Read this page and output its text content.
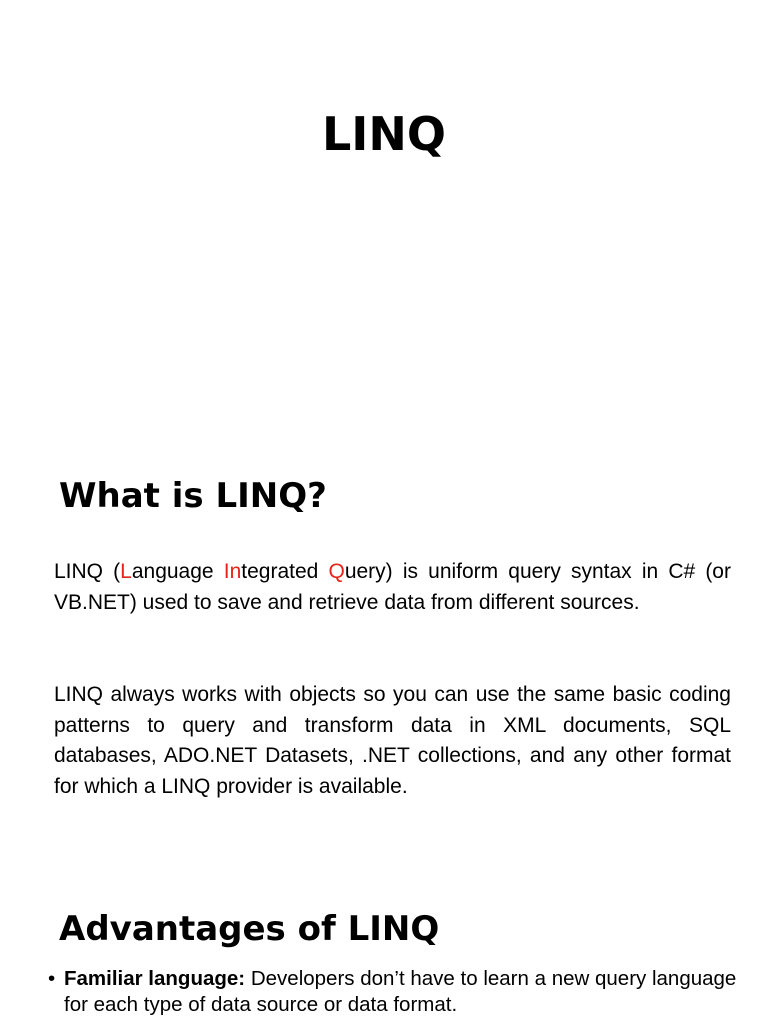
LINQ
What is LINQ?

LINQ (Language Integrated Query) is uniform query syntax in C# (or VB.NET) used to save and retrieve data from different sources.

LINQ always works with objects so you can use the same basic coding patterns to query and transform data in XML documents, SQL databases, ADO.NET Datasets, .NET collections, and any other format for which a LINQ provider is available.

Advantages of LINQ
• Familiar language: Developers don’t have to learn a new query language for each type of data source or data format.
